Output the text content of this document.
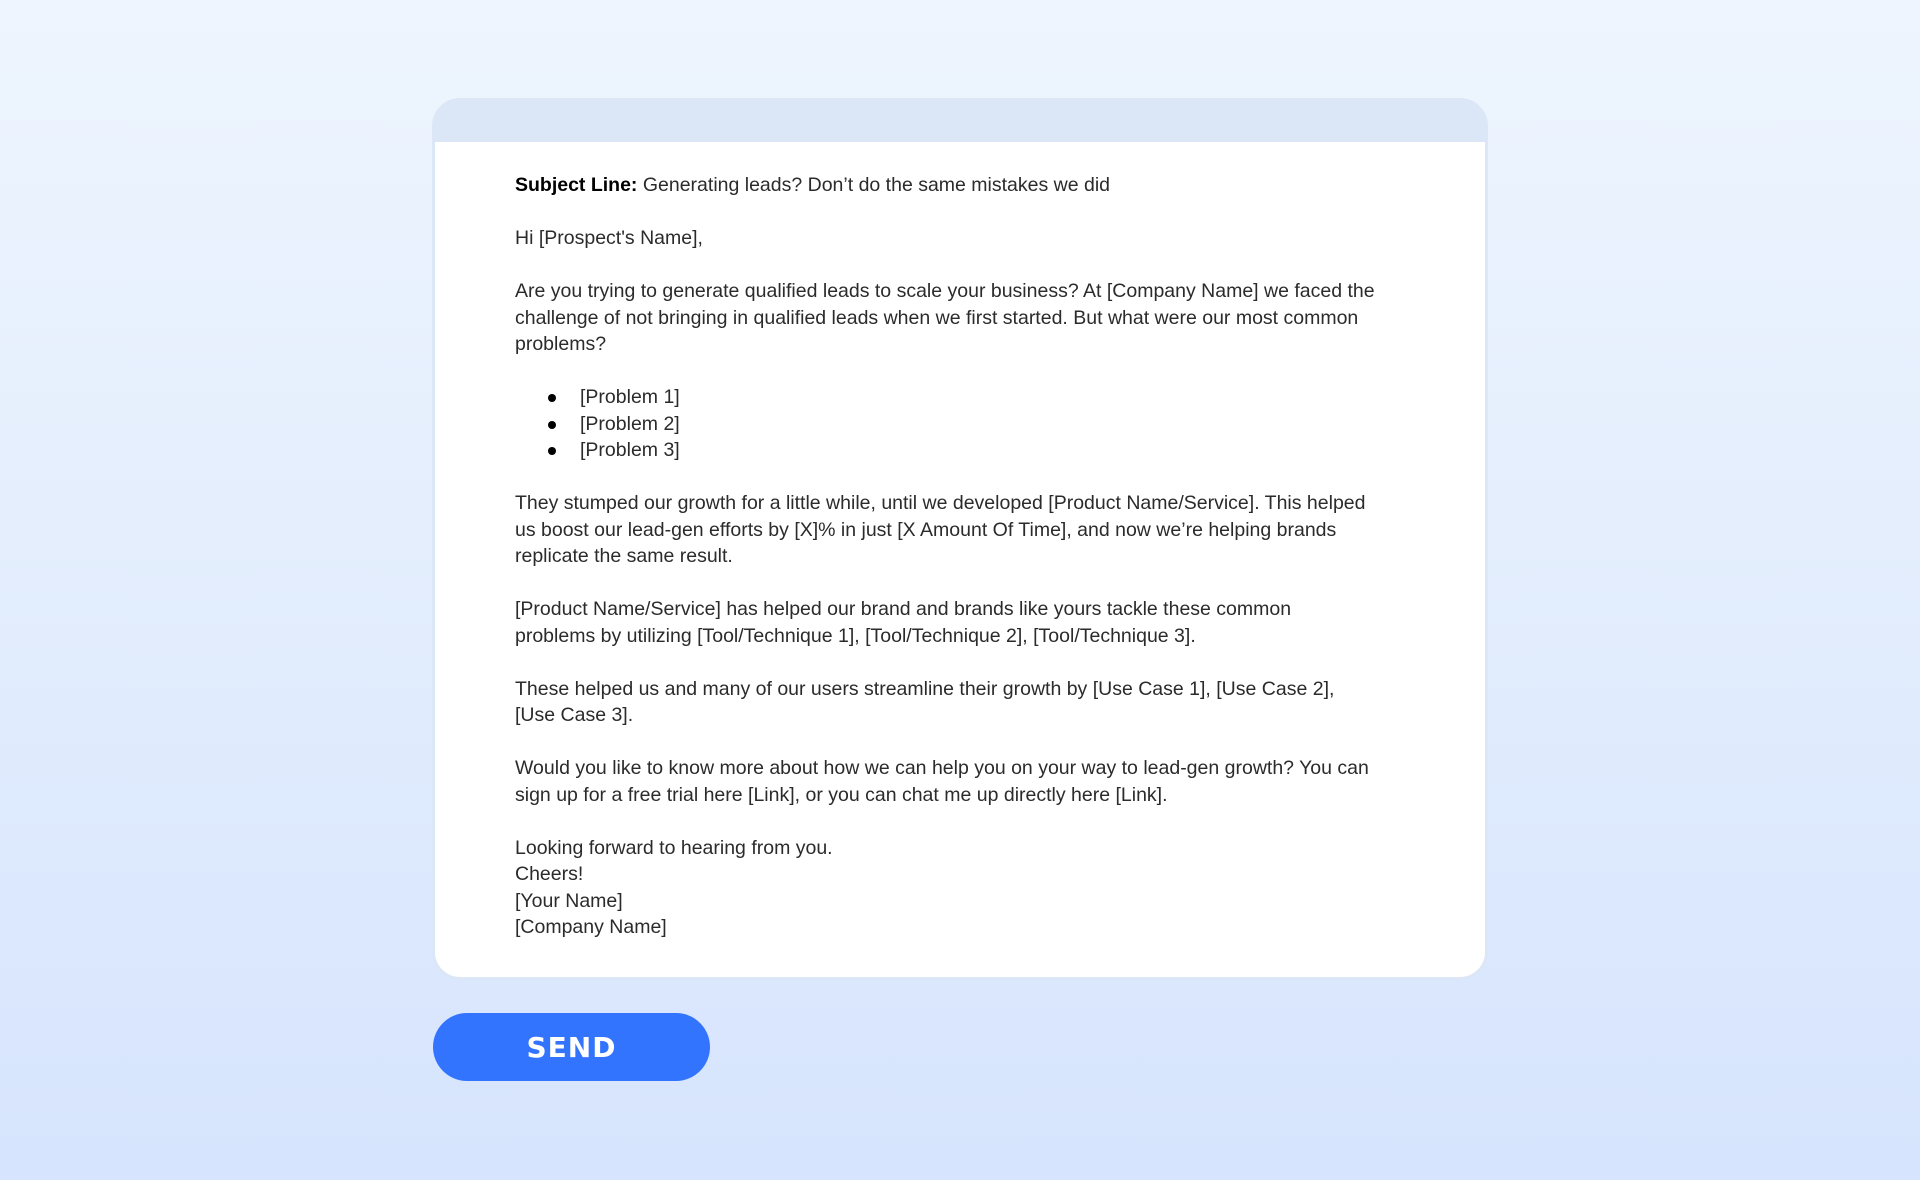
Subject Line: Generating leads? Don’t do the same mistakes we did

Hi [Prospect's Name],

Are you trying to generate qualified leads to scale your business? At [Company Name] we faced the challenge of not bringing in qualified leads when we first started. But what were our most common problems?

[Problem 1]
[Problem 2]
[Problem 3]

They stumped our growth for a little while, until we developed [Product Name/Service]. This helped us boost our lead-gen efforts by [X]% in just [X Amount Of Time], and now we’re helping brands replicate the same result.

[Product Name/Service] has helped our brand and brands like yours tackle these common problems by utilizing [Tool/Technique 1], [Tool/Technique 2], [Tool/Technique 3].

These helped us and many of our users streamline their growth by [Use Case 1], [Use Case 2], [Use Case 3].

Would you like to know more about how we can help you on your way to lead-gen growth? You can sign up for a free trial here [Link], or you can chat me up directly here [Link].

Looking forward to hearing from you.

Cheers!

[Your Name]

[Company Name]

SEND
